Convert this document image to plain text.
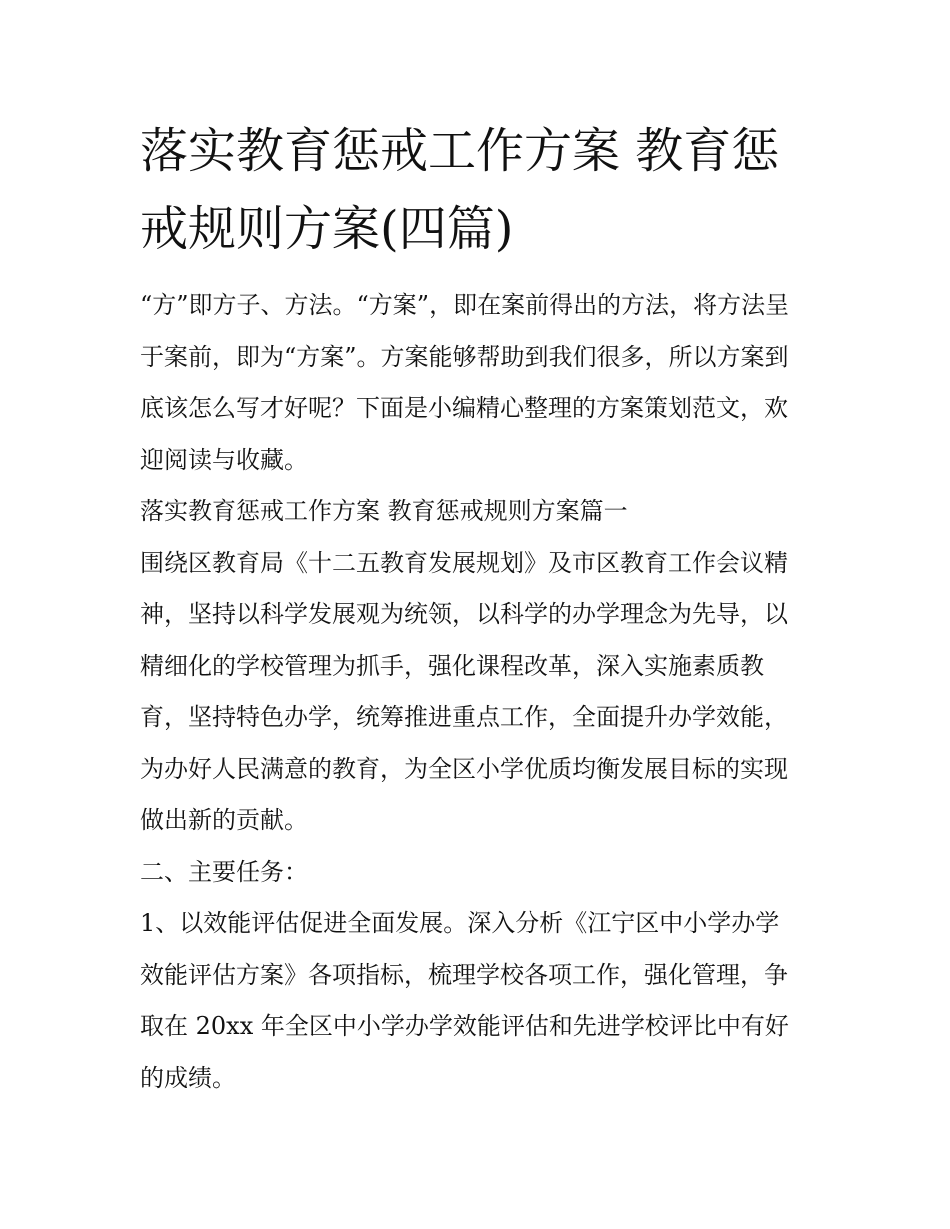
落实教育惩戒工作方案 教育惩
戒规则方案(四篇)
“方”即方子、方法。“方案”，即在案前得出的方法，将方法呈
于案前，即为“方案”。方案能够帮助到我们很多，所以方案到
底该怎么写才好呢？下面是小编精心整理的方案策划范文，欢
迎阅读与收藏。
落实教育惩戒工作方案 教育惩戒规则方案篇一
围绕区教育局《十二五教育发展规划》及市区教育工作会议精
神，坚持以科学发展观为统领，以科学的办学理念为先导，以
精细化的学校管理为抓手，强化课程改革，深入实施素质教
育，坚持特色办学，统筹推进重点工作，全面提升办学效能，
为办好人民满意的教育，为全区小学优质均衡发展目标的实现
做出新的贡献。
二、主要任务：
1、以效能评估促进全面发展。深入分析《江宁区中小学办学
效能评估方案》各项指标，梳理学校各项工作，强化管理，争
取在 20xx 年全区中小学办学效能评估和先进学校评比中有好
的成绩。
